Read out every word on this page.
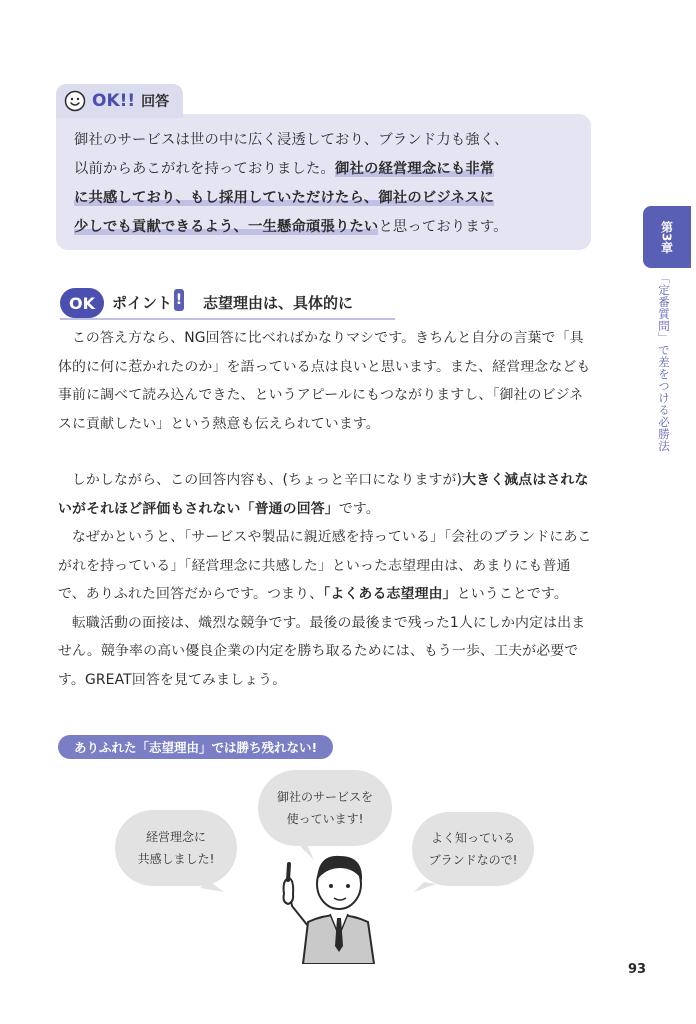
OK!! 回答
御社のサービスは世の中に広く浸透しており、ブランド力も強く、
以前からあこがれを持っておりました。御社の経営理念にも非常
に共感しており、もし採用していただけたら、御社のビジネスに
少しでも貢献できるよう、一生懸命頑張りたいと思っております。	第3章
「定番質問」で差をつける必勝法
OK	ポイント ! 志望理由は、具体的に

この答え方なら、NG回答に比べればかなりマシです。きちんと自分の言葉で「具体的に何に惹かれたのか」を語っている点は良いと思います。また、経営理念なども事前に調べて読み込んできた、というアピールにもつながりますし、「御社のビジネスに貢献したい」という熱意も伝えられています。

しかしながら、この回答内容も、(ちょっと辛口になりますが)大きく減点はされないがそれほど評価もされない「普通の回答」です。

なぜかというと、「サービスや製品に親近感を持っている」「会社のブランドにあこがれを持っている」「経営理念に共感した」といった志望理由は、あまりにも普通で、ありふれた回答だからです。つまり、「よくある志望理由」ということです。

転職活動の面接は、熾烈な競争です。最後の最後まで残った1人にしか内定は出ません。競争率の高い優良企業の内定を勝ち取るためには、もう一歩、工夫が必要です。GREAT回答を見てみましょう。

ありふれた「志望理由」では勝ち残れない!
経営理念に
共感しました!
御社のサービスを
使っています!
よく知っている
ブランドなので!
93
